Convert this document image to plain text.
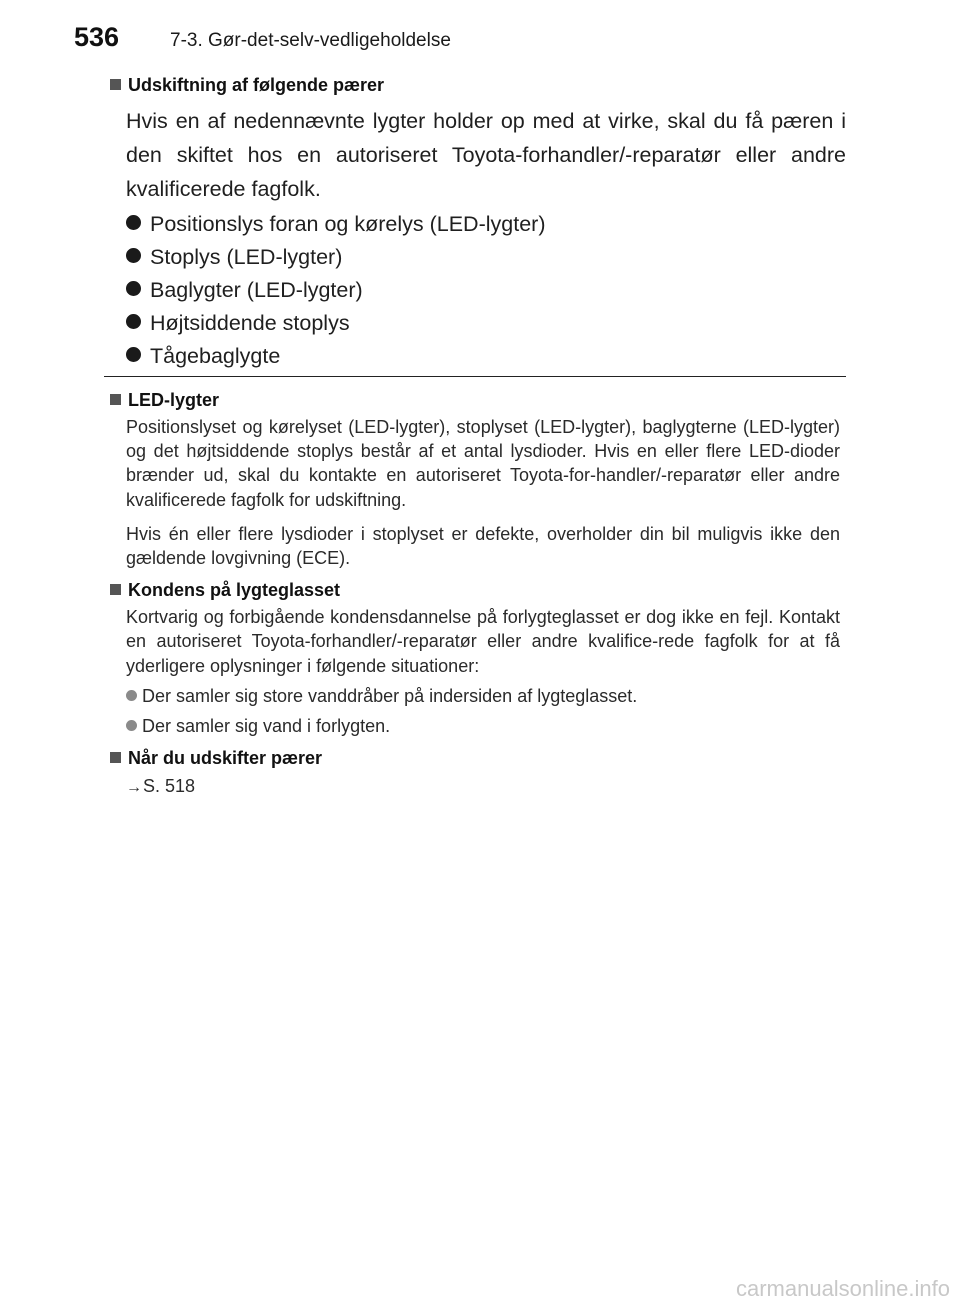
536	7-3. Gør-det-selv-vedligeholdelse
Udskiftning af følgende pærer

Hvis en af nedennævnte lygter holder op med at virke, skal du få pæren i den skiftet hos en autoriseret Toyota-forhandler/-reparatør eller andre kvalificerede fagfolk.

Positionslys foran og kørelys (LED-lygter)
Stoplys (LED-lygter)
Baglygter (LED-lygter)
Højtsiddende stoplys
Tågebaglygte
LED-lygter

Positionslyset og kørelyset (LED-lygter), stoplyset (LED-lygter), baglygterne (LED-lygter) og det højtsiddende stoplys består af et antal lysdioder. Hvis en eller flere LED-dioder brænder ud, skal du kontakte en autoriseret Toyota-for-handler/-reparatør eller andre kvalificerede fagfolk for udskiftning.

Hvis én eller flere lysdioder i stoplyset er defekte, overholder din bil muligvis ikke den gældende lovgivning (ECE).

Kondens på lygteglasset

Kortvarig og forbigående kondensdannelse på forlygteglasset er dog ikke en fejl. Kontakt en autoriseret Toyota-forhandler/-reparatør eller andre kvalifice-rede fagfolk for at få yderligere oplysninger i følgende situationer:

Der samler sig store vanddråber på indersiden af lygteglasset.
Der samler sig vand i forlygten.
Når du udskifter pærer
→S. 518
carmanualsonline.info
